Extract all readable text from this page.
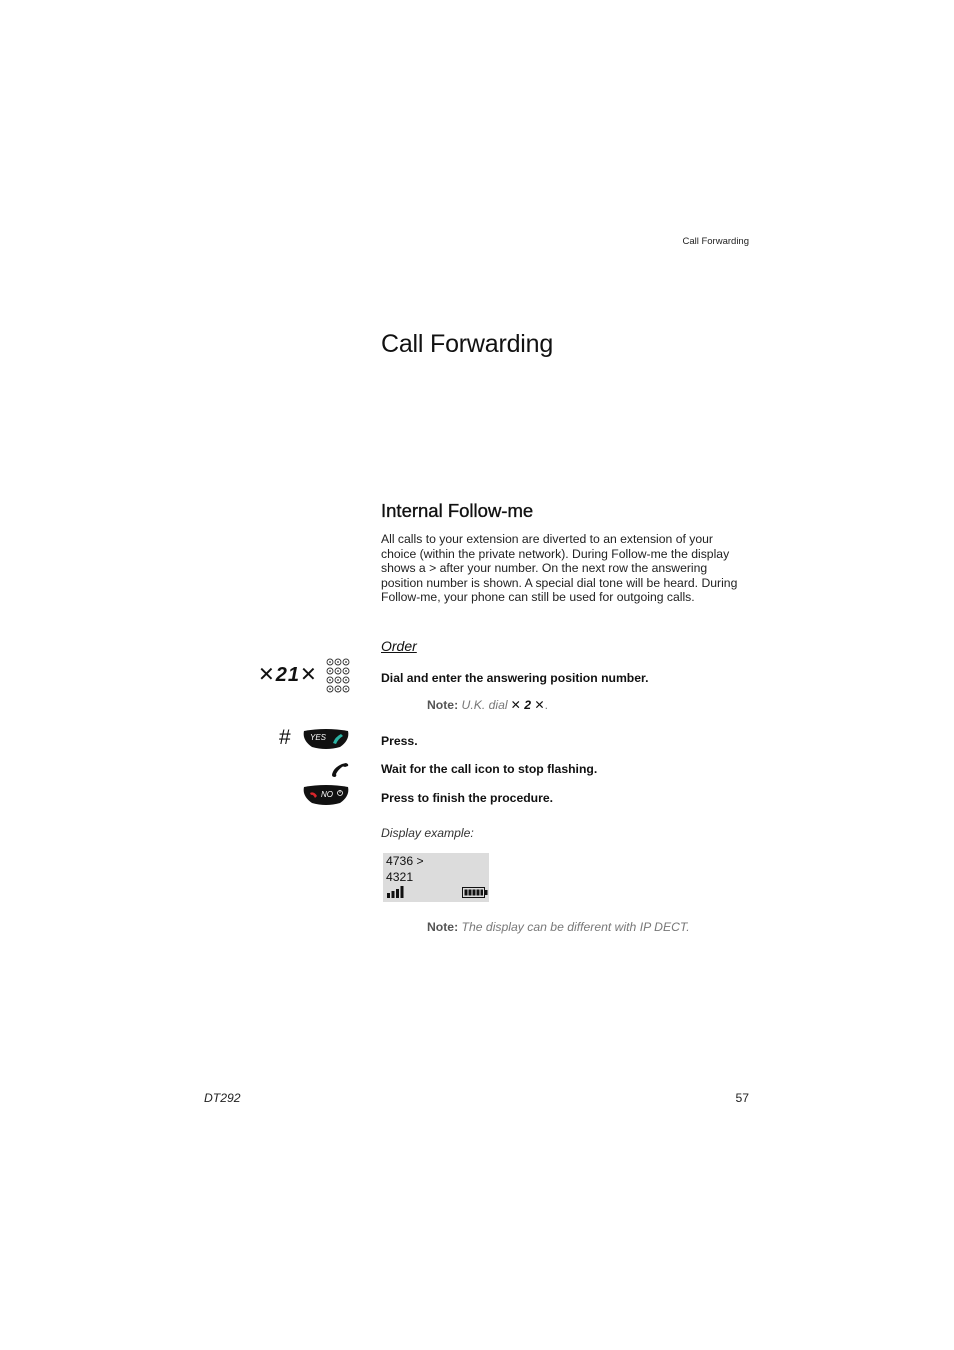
Call Forwarding
Call Forwarding
Internal Follow-me
All calls to your extension are diverted to an extension of your choice (within the private network). During Follow-me the display shows a > after your number. On the next row the answering position number is shown. A special dial tone will be heard. During Follow-me, your phone can still be used for outgoing calls.
Order
✕21✕	Dial and enter the answering position number.
Note: U.K. dial ✕ 2 ✕.
# YES	Press.
Wait for the call icon to stop flashing.
NO	Press to finish the procedure.
Display example:
4736 >
4321
Note: The display can be different with IP DECT.
DT292	57
